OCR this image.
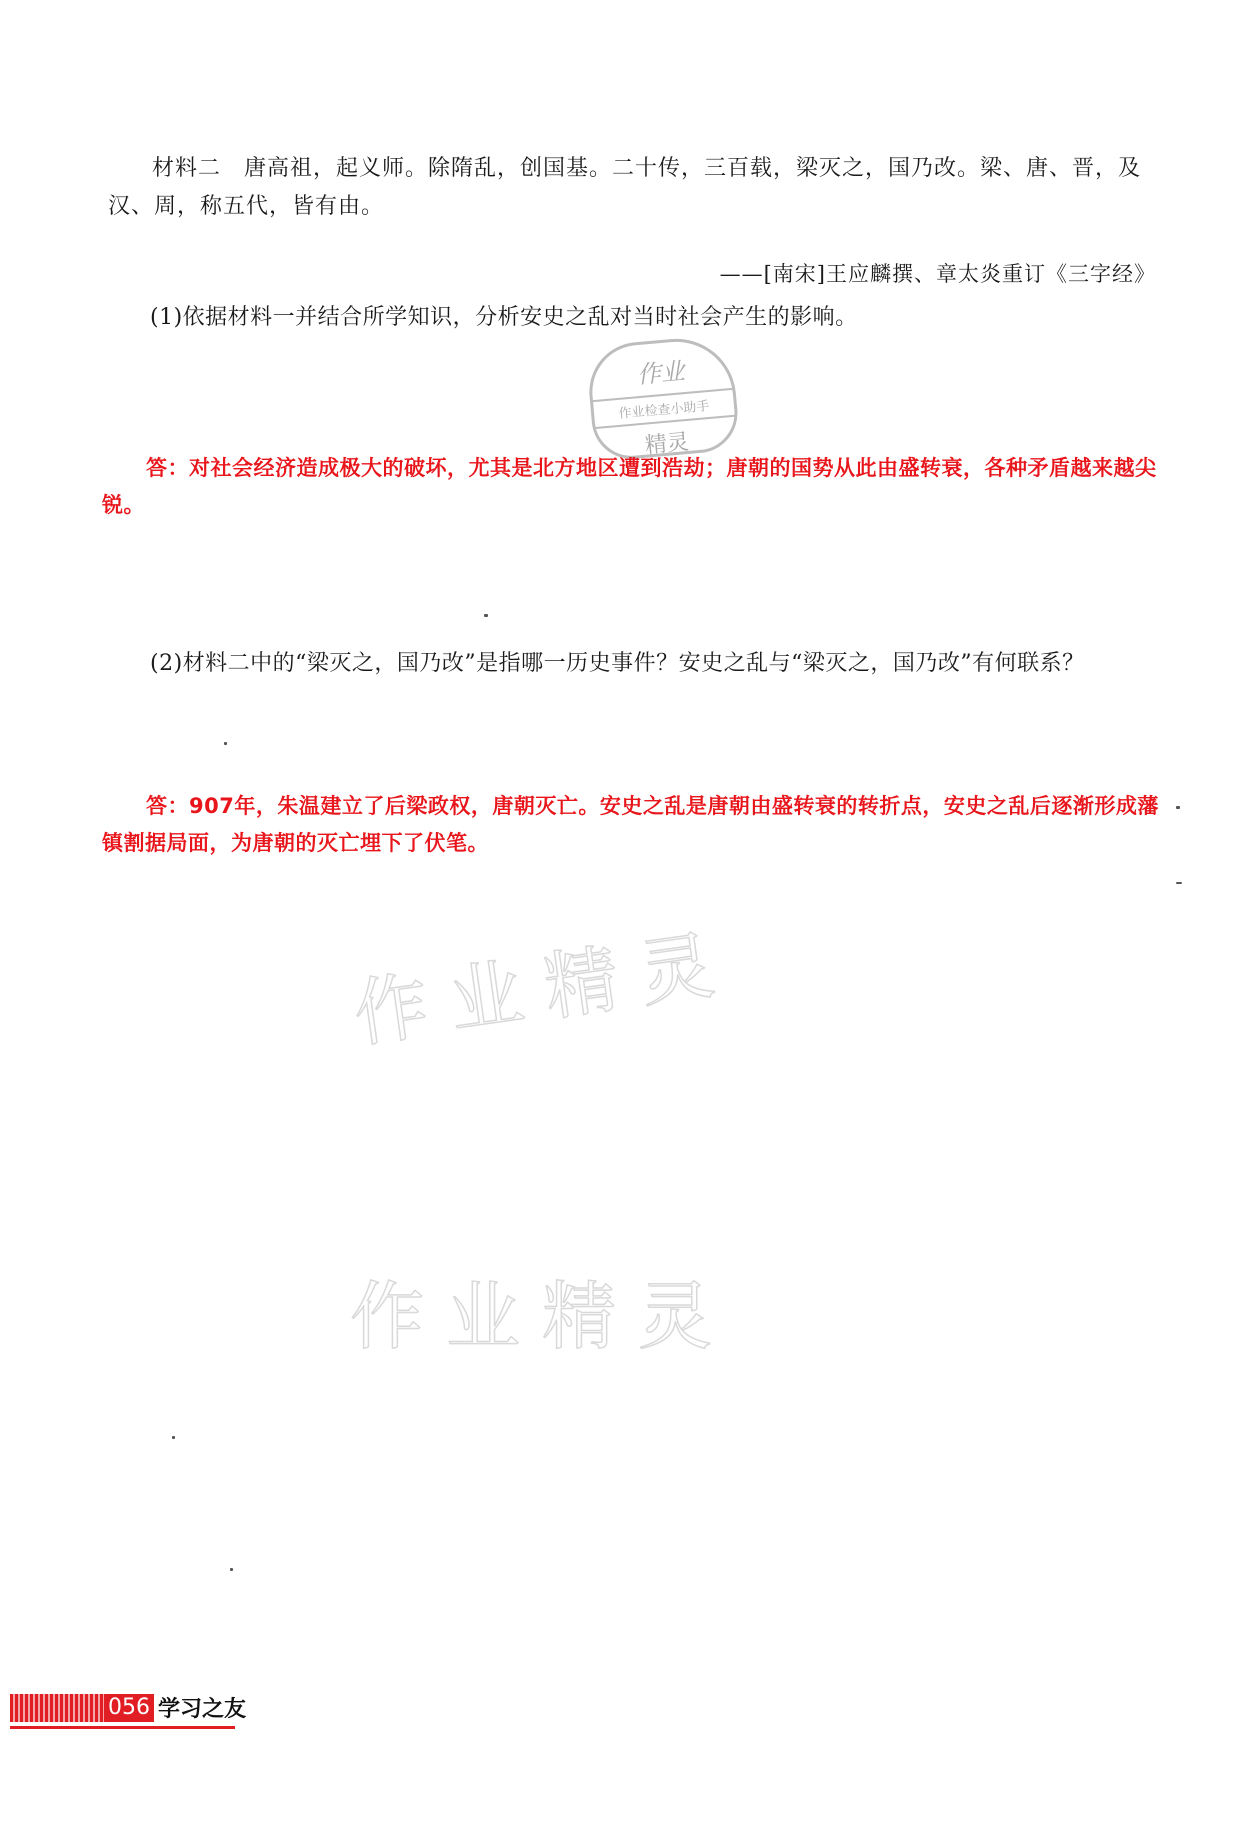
材料二　唐高祖，起义师。除隋乱，创国基。二十传，三百载，梁灭之，国乃改。梁、唐、晋，及汉、周，称五代，皆有由。
——[南宋]王应麟撰、章太炎重订《三字经》
(1)依据材料一并结合所学知识，分析安史之乱对当时社会产生的影响。
作业
作业检查小助手
精灵
答：对社会经济造成极大的破坏，尤其是北方地区遭到浩劫；唐朝的国势从此由盛转衰，各种矛盾越来越尖锐。
(2)材料二中的“梁灭之，国乃改”是指哪一历史事件？安史之乱与“梁灭之，国乃改”有何联系？
答：907年，朱温建立了后梁政权，唐朝灭亡。安史之乱是唐朝由盛转衰的转折点，安史之乱后逐渐形成藩镇割据局面，为唐朝的灭亡埋下了伏笔。
作业精灵
作业精灵
056 学习之友
